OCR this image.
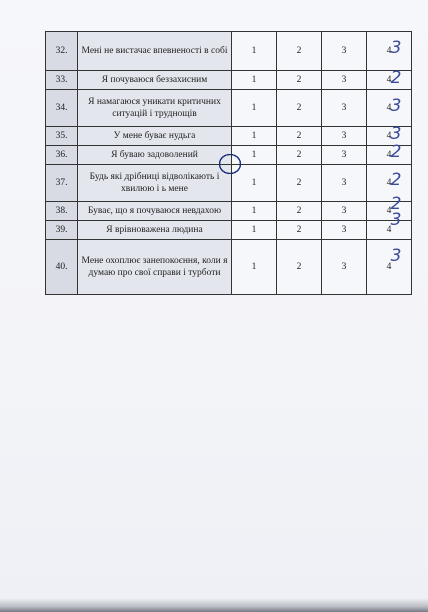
32.	Мені не вистачає впевненості в собі	1	2	3	4
33.	Я почуваюся беззахисним	1	2	3	4
34.	Я намагаюся уникати критичних ситуацій і труднощів	1	2	3	4
35.	У мене буває нудьга	1	2	3	4
36.	Я буваю задоволений	1	2	3	4
37.	Будь які дрібниці відволікають і хвилюю і ь мене	1	2	3	4
38.	Буває, що я почуваюся невдахою	1	2	3	4
39.	Я врівноважена людина	1	2	3	4
40.	Мене охоплює занепокоєння, коли я думаю про свої справи і турботи	1	2	3	4
3
2
3
3
2
2
2
3
3
